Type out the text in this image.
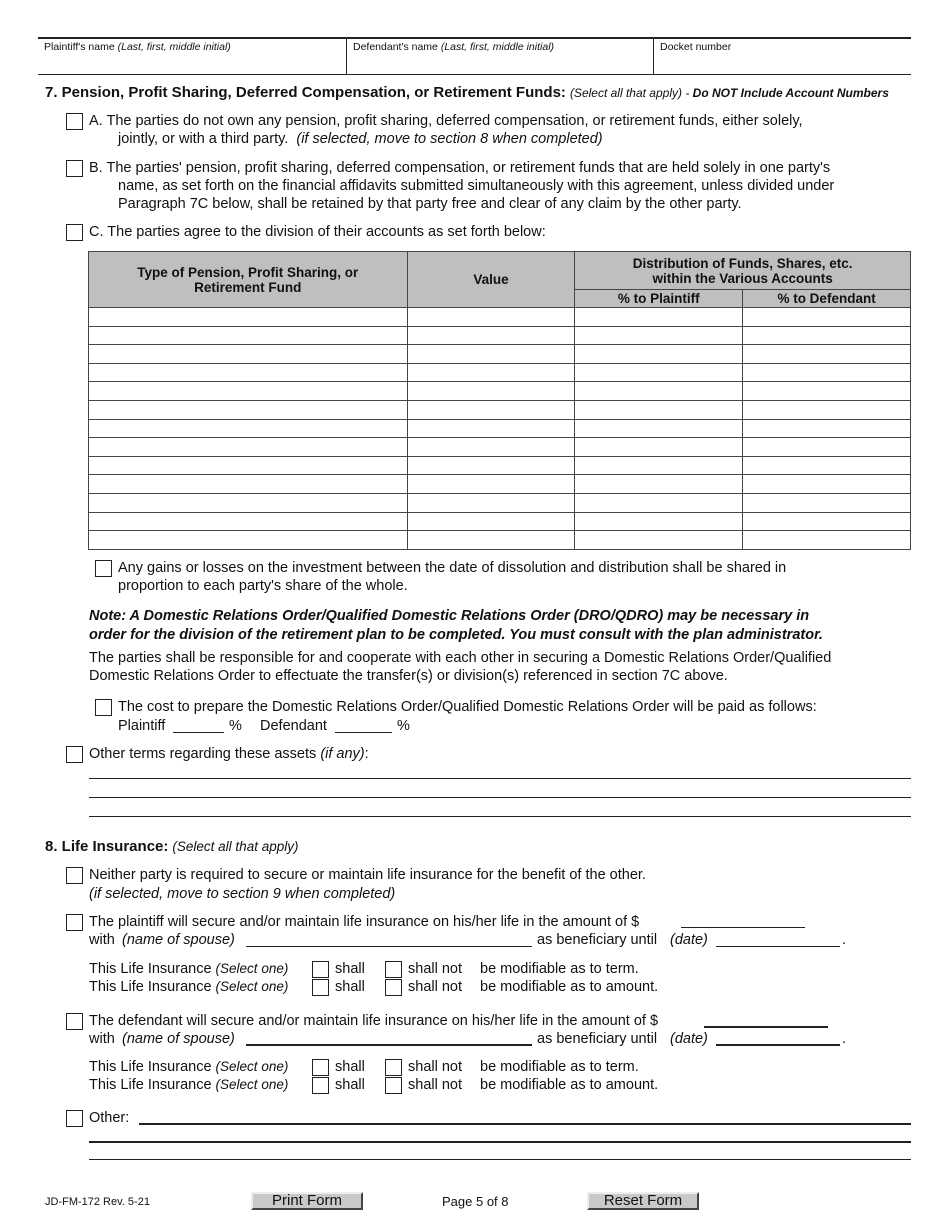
Plaintiff's name (Last, first, middle initial)	Defendant's name (Last, first, middle initial)	Docket number
7. Pension, Profit Sharing, Deferred Compensation, or Retirement Funds: (Select all that apply) - Do NOT Include Account Numbers
A. The parties do not own any pension, profit sharing, deferred compensation, or retirement funds, either solely,
jointly, or with a third party. (if selected, move to section 8 when completed)
B. The parties' pension, profit sharing, deferred compensation, or retirement funds that are held solely in one party's
name, as set forth on the financial affidavits submitted simultaneously with this agreement, unless divided under
Paragraph 7C below, shall be retained by that party free and clear of any claim by the other party.
C. The parties agree to the division of their accounts as set forth below:
Type of Pension, Profit Sharing, or
Retirement Fund	Value	Distribution of Funds, Shares, etc.
within the Various Accounts	
		% to Plaintiff	% to Defendant

Any gains or losses on the investment between the date of dissolution and distribution shall be shared in
proportion to each party's share of the whole.
Note: A Domestic Relations Order/Qualified Domestic Relations Order (DRO/QDRO) may be necessary in
order for the division of the retirement plan to be completed. You must consult with the plan administrator.
The parties shall be responsible for and cooperate with each other in securing a Domestic Relations Order/Qualified
Domestic Relations Order to effectuate the transfer(s) or division(s) referenced in section 7C above.
The cost to prepare the Domestic Relations Order/Qualified Domestic Relations Order will be paid as follows:
Plaintiff	% Defendant	%
Other terms regarding these assets (if any):
8. Life Insurance: (Select all that apply)
Neither party is required to secure or maintain life insurance for the benefit of the other.
(if selected, move to section 9 when completed)
The plaintiff will secure and/or maintain life insurance on his/her life in the amount of $
with (name of spouse)	as beneficiary until (date)	.
This Life Insurance (Select one)	shall	shall not be modifiable as to term.
This Life Insurance (Select one)	shall	shall not be modifiable as to amount.
The defendant will secure and/or maintain life insurance on his/her life in the amount of $
with (name of spouse)	as beneficiary until (date)	.
This Life Insurance (Select one)	shall	shall not be modifiable as to term.
This Life Insurance (Select one)	shall	shall not be modifiable as to amount.
Other:
JD-FM-172 Rev. 5-21	Print Form	Page 5 of 8	Reset Form
